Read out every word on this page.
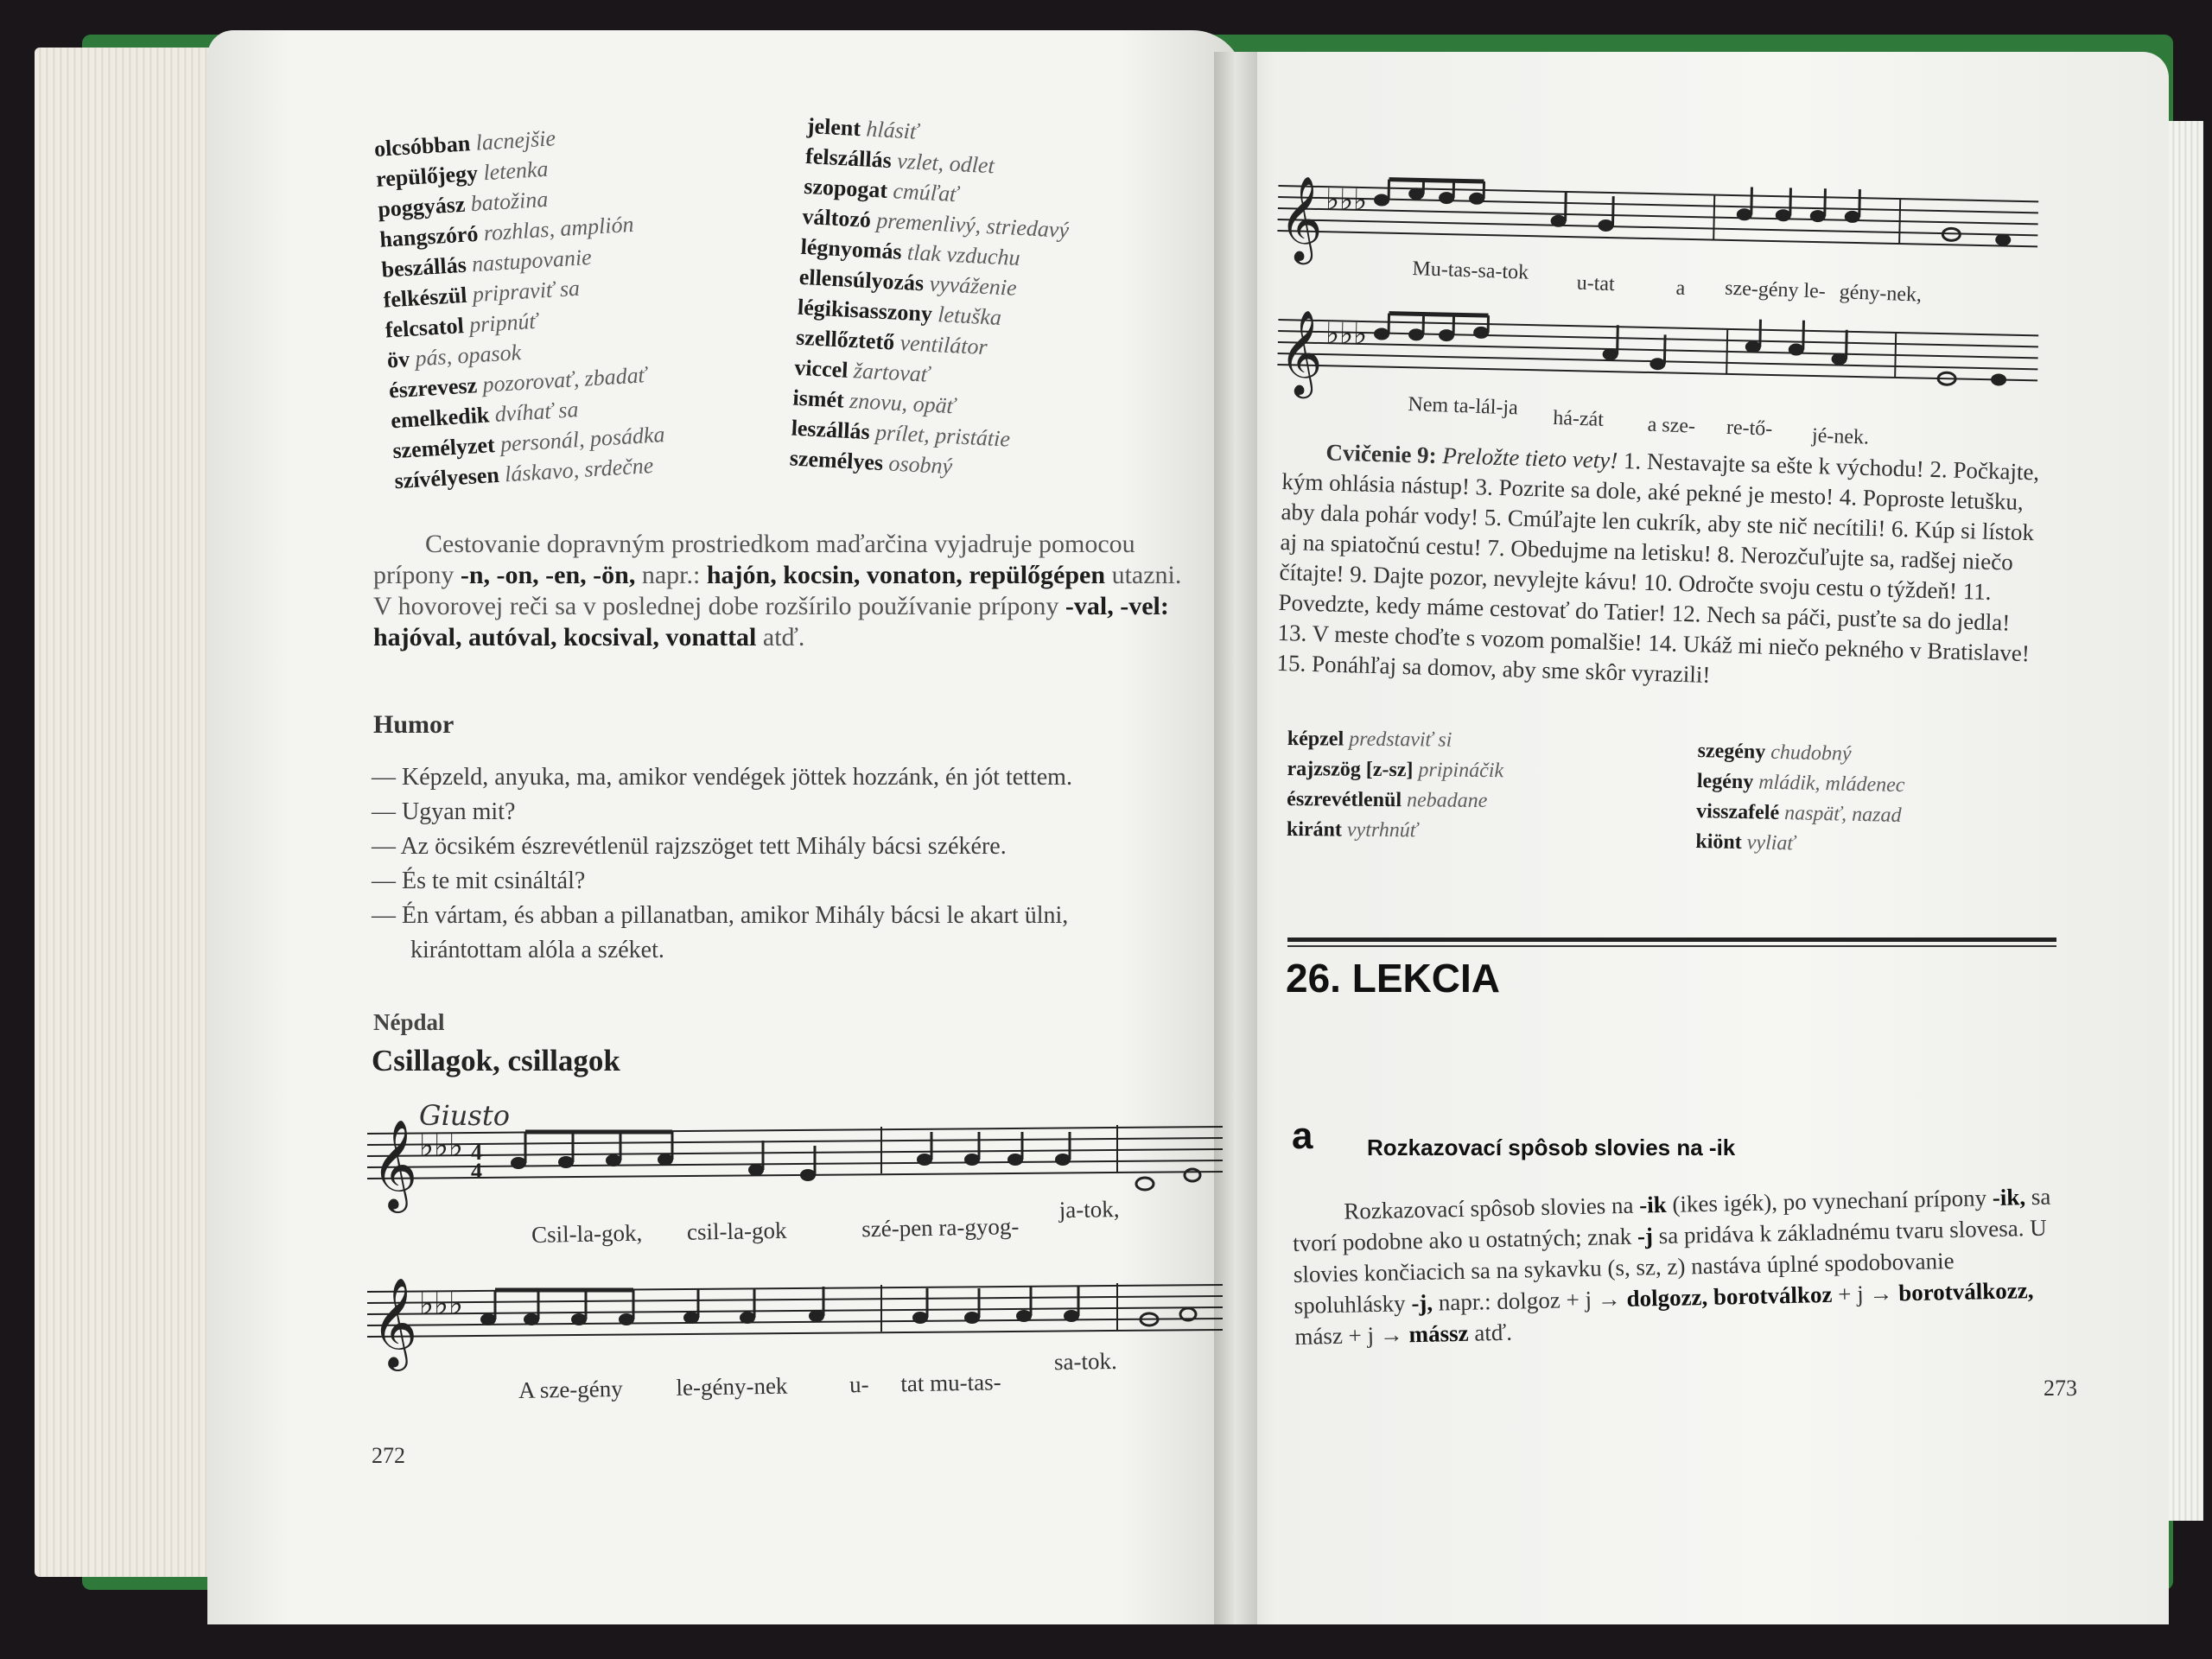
olcsóbban lacnejšie
repülőjegy letenka
poggyász batožina
hangszóró rozhlas, amplión
beszállás nastupovanie
felkészül pripraviť sa
felcsatol pripnúť
öv pás, opasok
észrevesz pozorovať, zbadať
emelkedik dvíhať sa
személyzet personál, posádka
szívélyesen láskavo, srdečne
jelent hlásiť
felszállás vzlet, odlet
szopogat cmúľať
változó premenlivý, striedavý
légnyomás tlak vzduchu
ellensúlyozás vyváženie
légikisasszony letuška
szellőztető ventilátor
viccel žartovať
ismét znovu, opäť
leszállás prílet, pristátie
személyes osobný
Cestovanie dopravným prostriedkom maďarčina vyjadruje pomocou prípony -n, -on, -en, -ön, napr.: hajón, kocsin, vonaton, repülőgépen utazni. V hovorovej reči sa v poslednej dobe rozšírilo používanie prípony -val, -vel: hajóval, autóval, kocsival, vonattal atď.
Humor
— Képzeld, anyuka, ma, amikor vendégek jöttek hozzánk, én jót tettem.
— Ugyan mit?
— Az öcsikém észrevétlenül rajzszöget tett Mihály bácsi székére.
— És te mit csináltál?
— Én vártam, és abban a pillanatban, amikor Mihály bácsi le akart ülni,
kirántottam alóla a széket.
Népdal
Csillagok, csillagok
Giusto
𝄞 ♭♭♭ 4
4
Csil-la-gok, csil-la-gok	szé-pen ra-gyog- ja-tok,
𝄞 ♭♭♭
A sze-gény le-gény-nek	u- tat mu-tas- sa-tok.
272
𝄞 ♭♭♭
Mu-tas-sa-tok u-tat	a sze-gény le- gény-nek,
𝄞 ♭♭♭
Nem ta-lál-ja há-zát a sze- re-tő- jé-nek.
Cvičenie 9: Preložte tieto vety! 1. Nestavajte sa ešte k východu! 2. Počkajte, kým ohlásia nástup! 3. Pozrite sa dole, aké pekné je mesto! 4. Poproste letušku, aby dala pohár vody! 5. Cmúľajte len cukrík, aby ste nič necítili! 6. Kúp si lístok aj na spiatočnú cestu! 7. Obedujme na letisku! 8. Nerozčuľujte sa, radšej niečo čítajte! 9. Dajte pozor, nevylejte kávu! 10. Odročte svoju cestu o týždeň! 11. Povedzte, kedy máme cestovať do Tatier! 12. Nech sa páči, pusťte sa do jedla! 13. V meste choďte s vozom pomalšie! 14. Ukáž mi niečo pekného v Bratislave! 15. Ponáhľaj sa domov, aby sme skôr vyrazili!
képzel predstaviť si
rajzszög [z-sz] pripináčik
észrevétlenül nebadane
kiránt vytrhnúť
szegény chudobný
legény mládik, mládenec
visszafelé naspäť, nazad
kiönt vyliať
26. LEKCIA
a Rozkazovací spôsob slovies na -ik
Rozkazovací spôsob slovies na -ik (ikes igék), po vynechaní prípony -ik, sa tvorí podobne ako u ostatných; znak -j sa pridáva k základnému tvaru slovesa. U slovies končiacich sa na sykavku (s, sz, z) nastáva úplné spodobovanie spoluhlásky -j, napr.: dolgoz + j → dolgozz, borotválkoz + j → borotválkozz, mász + j → mássz atď.
273
